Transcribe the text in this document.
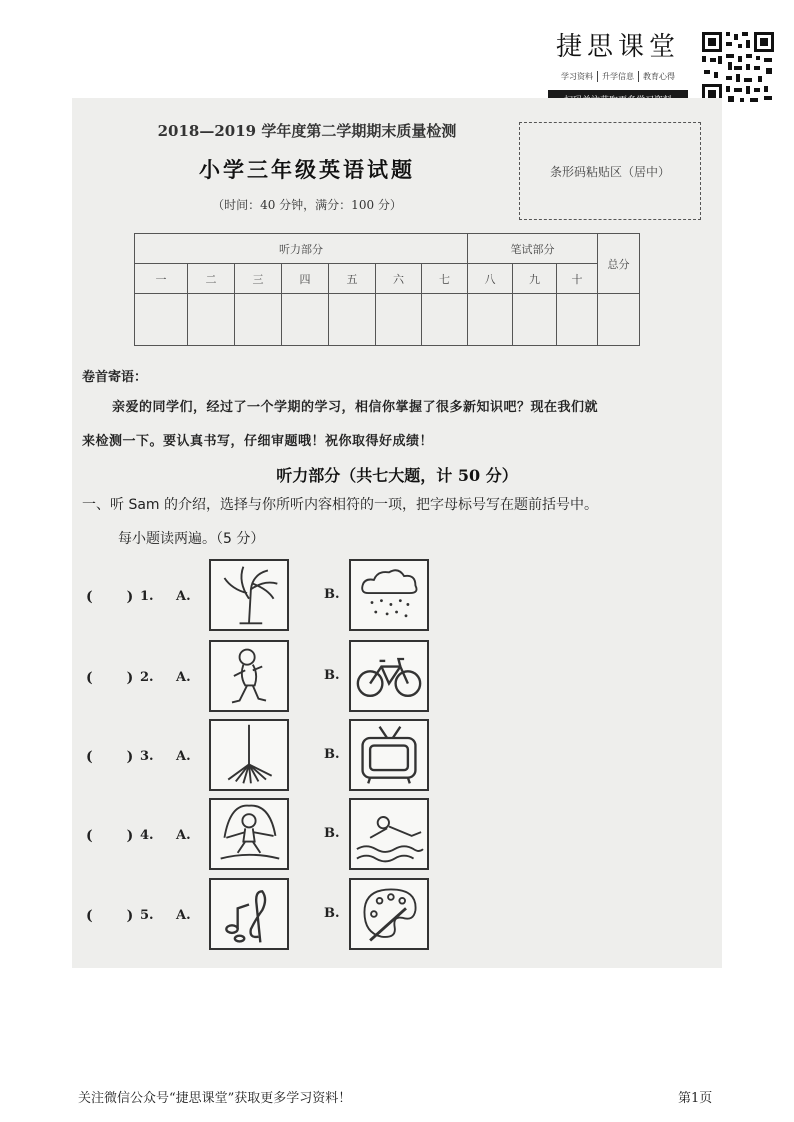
捷思课堂
学习资料	升学信息	教育心得
2018—2019 学年度第二学期期末质量检测
小学三年级英语试题
（时间：40 分钟，满分：100 分）
条形码粘贴区（居中）
听力部分							笔试部分			总分
一	二	三	四	五	六	七	八	九	十	

卷首寄语：
亲爱的同学们，经过了一个学期的学习，相信你掌握了很多新知识吧？现在我们就
来检测一下。要认真书写，仔细审题哦！祝你取得好成绩！
听力部分（共七大题，计 50 分）
一、听 Sam 的介绍，选择与你所听内容相符的一项，把字母标号写在题前括号中。
每小题读两遍。（5 分）
( ) 1. A.	B.
( ) 2. A.	B.
( ) 3. A.	B.
( ) 4. A.	B.
( ) 5. A.	B.
关注微信公众号“捷思课堂”获取更多学习资料！	第1页
